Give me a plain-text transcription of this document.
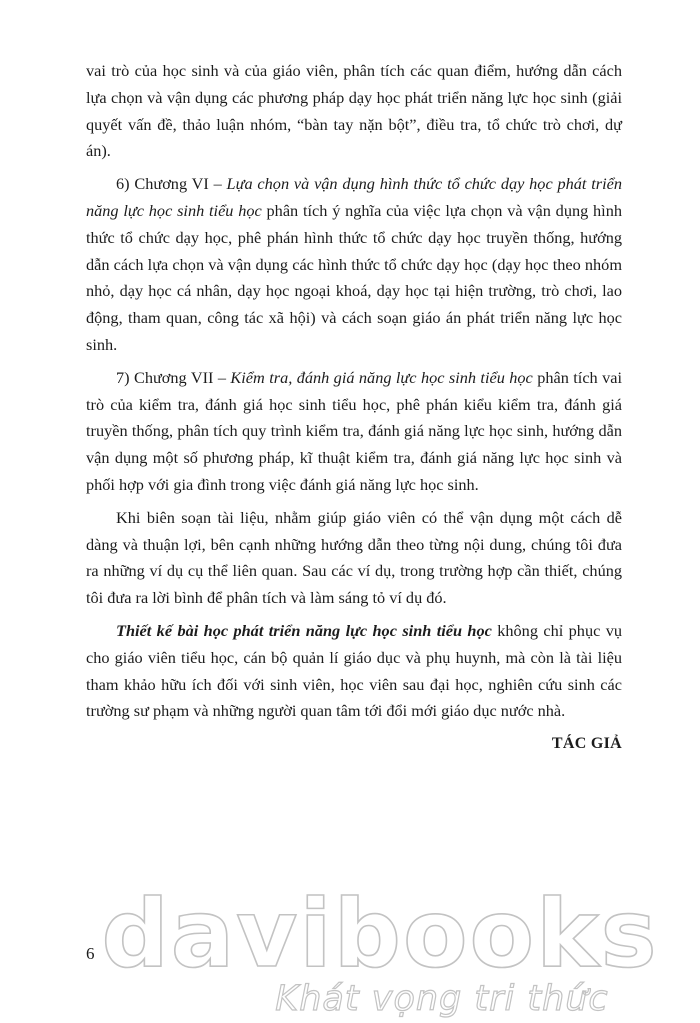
vai trò của học sinh và của giáo viên, phân tích các quan điểm, hướng dẫn cách lựa chọn và vận dụng các phương pháp dạy học phát triển năng lực học sinh (giải quyết vấn đề, thảo luận nhóm, “bàn tay nặn bột”, điều tra, tổ chức trò chơi, dự án).

6) Chương VI – Lựa chọn và vận dụng hình thức tổ chức dạy học phát triển năng lực học sinh tiểu học phân tích ý nghĩa của việc lựa chọn và vận dụng hình thức tổ chức dạy học, phê phán hình thức tổ chức dạy học truyền thống, hướng dẫn cách lựa chọn và vận dụng các hình thức tổ chức dạy học (dạy học theo nhóm nhỏ, dạy học cá nhân, dạy học ngoại khoá, dạy học tại hiện trường, trò chơi, lao động, tham quan, công tác xã hội) và cách soạn giáo án phát triển năng lực học sinh.

7) Chương VII – Kiểm tra, đánh giá năng lực học sinh tiểu học phân tích vai trò của kiểm tra, đánh giá học sinh tiểu học, phê phán kiểu kiểm tra, đánh giá truyền thống, phân tích quy trình kiểm tra, đánh giá năng lực học sinh, hướng dẫn vận dụng một số phương pháp, kĩ thuật kiểm tra, đánh giá năng lực học sinh và phối hợp với gia đình trong việc đánh giá năng lực học sinh.

Khi biên soạn tài liệu, nhằm giúp giáo viên có thể vận dụng một cách dễ dàng và thuận lợi, bên cạnh những hướng dẫn theo từng nội dung, chúng tôi đưa ra những ví dụ cụ thể liên quan. Sau các ví dụ, trong trường hợp cần thiết, chúng tôi đưa ra lời bình để phân tích và làm sáng tỏ ví dụ đó.

Thiết kế bài học phát triển năng lực học sinh tiểu học không chỉ phục vụ cho giáo viên tiểu học, cán bộ quản lí giáo dục và phụ huynh, mà còn là tài liệu tham khảo hữu ích đối với sinh viên, học viên sau đại học, nghiên cứu sinh các trường sư phạm và những người quan tâm tới đổi mới giáo dục nước nhà.

TÁC GIẢ
6 davibooks
Khát vọng tri thức
